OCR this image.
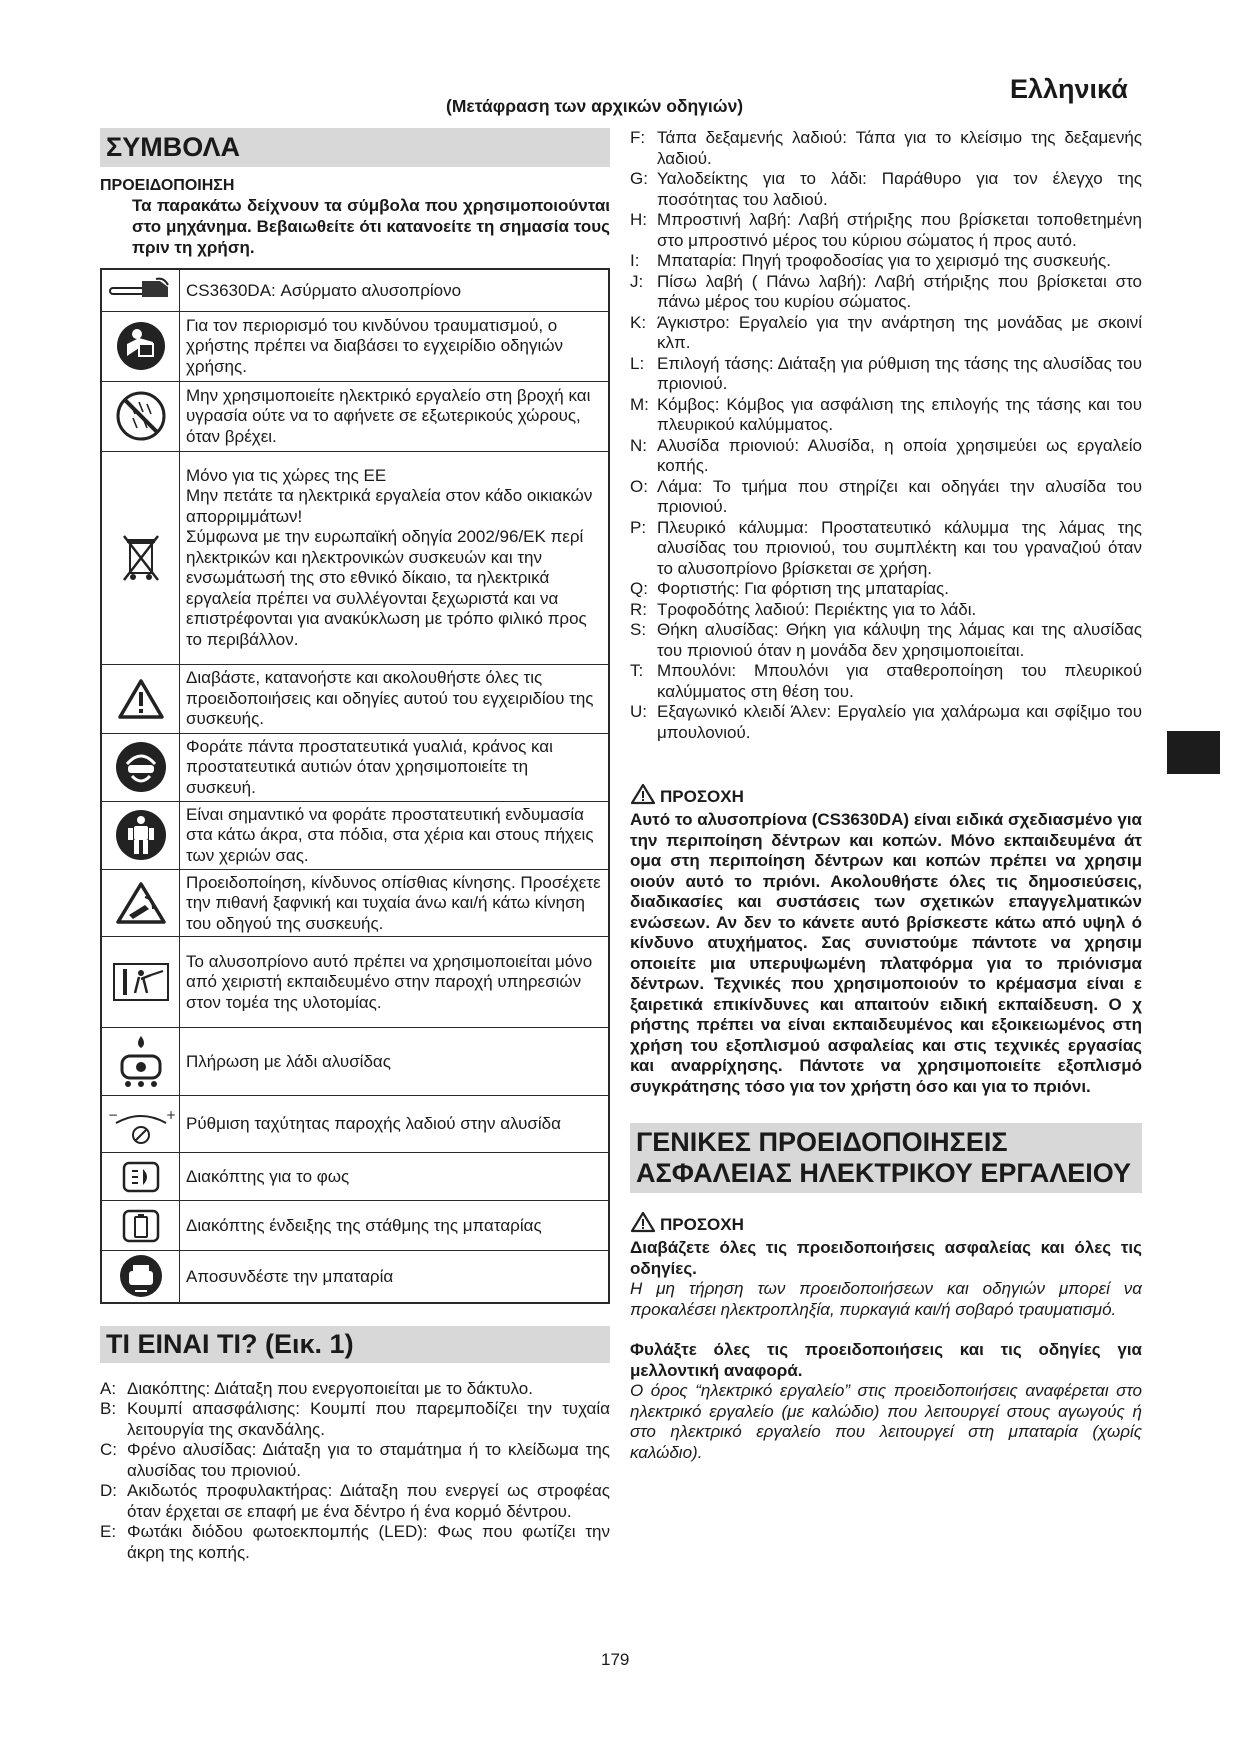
Ελληνικά
(Μετάφραση των αρχικών οδηγιών)
ΣΥΜΒΟΛΑ
ΠΡΟΕΙΔΟΠΟΙΗΣΗ
Τα παρακάτω δείχνουν τα σύμβολα που χρησιμοποιούνται στο μηχάνημα. Βεβαιωθείτε ότι κατανοείτε τη σημασία τους πριν τη χρήση.
	CS3630DA: Ασύρματο αλυσοπρίονο

	Για τον περιορισμό του κινδύνου τραυματισμού, ο χρήστης πρέπει να διαβάσει το εγχειρίδιο οδηγιών χρήσης.

	Μην χρησιμοποιείτε ηλεκτρικό εργαλείο στη βροχή και υγρασία ούτε να το αφήνετε σε εξωτερικούς χώρους, όταν βρέχει.

	Μόνο για τις χώρες της ΕΕ
Μην πετάτε τα ηλεκτρικά εργαλεία στον κάδο οικιακών απορριμμάτων!
Σύμφωνα με την ευρωπαϊκή οδηγία 2002/96/ΕΚ περί ηλεκτρικών και ηλεκτρονικών συσκευών και την ενσωμάτωσή της στο εθνικό δίκαιο, τα ηλεκτρικά εργαλεία πρέπει να συλλέγονται ξεχωριστά και να επιστρέφονται για ανακύκλωση με τρόπο φιλικό προς το περιβάλλον.

	Διαβάστε, κατανοήστε και ακολουθήστε όλες τις προειδοποιήσεις και οδηγίες αυτού του εγχειριδίου της συσκευής.

	Φοράτε πάντα προστατευτικά γυαλιά, κράνος και προστατευτικά αυτιών όταν χρησιμοποιείτε τη συσκευή.

	Είναι σημαντικό να φοράτε προστατευτική ενδυμασία στα κάτω άκρα, στα πόδια, στα χέρια και στους πήχεις των χεριών σας.

	Προειδοποίηση, κίνδυνος οπίσθιας κίνησης. Προσέχετε την πιθανή ξαφνική και τυχαία άνω και/ή κάτω κίνηση του οδηγού της συσκευής.

	Το αλυσοπρίονο αυτό πρέπει να χρησιμοποιείται μόνο από χειριστή εκπαιδευμένο στην παροχή υπηρεσιών στον τομέα της υλοτομίας.

	Πλήρωση με λάδι αλυσίδας

− +	Ρύθμιση ταχύτητας παροχής λαδιού στην αλυσίδα

	Διακόπτης για το φως

	Διακόπτης ένδειξης της στάθμης της μπαταρίας

	Αποσυνδέστε την μπαταρία
ΤΙ ΕΙΝΑΙ ΤΙ? (Εικ. 1)
A: Διακόπτης: Διάταξη που ενεργοποιείται με το δάκτυλο.
B: Κουμπί απασφάλισης: Κουμπί που παρεμποδίζει την τυχαία λειτουργία της σκανδάλης.
C: Φρένο αλυσίδας: Διάταξη για το σταμάτημα ή το κλείδωμα της αλυσίδας του πριονιού.
D: Ακιδωτός προφυλακτήρας: Διάταξη που ενεργεί ως στροφέας όταν έρχεται σε επαφή με ένα δέντρο ή ένα κορμό δέντρου.
E: Φωτάκι διόδου φωτοεκπομπής (LED): Φως που φωτίζει την άκρη της κοπής.
F: Τάπα δεξαμενής λαδιού: Τάπα για το κλείσιμο της δεξαμενής λαδιού.
G: Υαλοδείκτης για το λάδι: Παράθυρο για τον έλεγχο της ποσότητας του λαδιού.
H: Μπροστινή λαβή: Λαβή στήριξης που βρίσκεται τοποθετημένη στο μπροστινό μέρος του κύριου σώματος ή προς αυτό.
I:	Μπαταρία: Πηγή τροφοδοσίας για το χειρισμό της συσκευής.
J: Πίσω λαβή ( Πάνω λαβή): Λαβή στήριξης που βρίσκεται στο πάνω μέρος του κυρίου σώματος.
K: Άγκιστρο: Εργαλείο για την ανάρτηση της μονάδας με σκοινί κλπ.
L: Επιλογή τάσης: Διάταξη για ρύθμιση της τάσης της αλυσίδας του πριονιού.
M: Κόμβος: Κόμβος για ασφάλιση της επιλογής της τάσης και του πλευρικού καλύμματος.
N: Αλυσίδα πριονιού: Αλυσίδα, η οποία χρησιμεύει ως εργαλείο κοπής.
O: Λάμα: Το τμήμα που στηρίζει και οδηγάει την αλυσίδα του πριονιού.
P: Πλευρικό κάλυμμα: Προστατευτικό κάλυμμα της λάμας της αλυσίδας του πριονιού, του συμπλέκτη και του γραναζιού όταν το αλυσοπρίονο βρίσκεται σε χρήση.
Q: Φορτιστής: Για φόρτιση της μπαταρίας.
R: Τροφοδότης λαδιού: Περιέκτης για το λάδι.
S: Θήκη αλυσίδας: Θήκη για κάλυψη της λάμας και της αλυσίδας του πριονιού όταν η μονάδα δεν χρησιμοποιείται.
T: Μπουλόνι: Μπουλόνι για σταθεροποίηση του πλευρικού καλύμματος στη θέση του.
U: Εξαγωνικό κλειδί Άλεν: Εργαλείο για χαλάρωμα και σφίξιμο του μπουλονιού.
ΠΡΟΣΟΧΗ
Αυτό το αλυσοπρίονα (CS3630DA) είναι ειδικά σχεδιασμένο για την περιποίηση δέντρων και κοπών. Μόνο εκπαιδευμένα άτ ομα στη περιποίηση δέντρων και κοπών πρέπει να χρησιμ οιούν αυτό το πριόνι. Ακολουθήστε όλες τις δημοσιεύσεις, διαδικασίες και συστάσεις των σχετικών επαγγελματικών ενώσεων. Αν δεν το κάνετε αυτό βρίσκεστε κάτω από υψηλ ό κίνδυνο ατυχήματος. Σας συνιστούμε πάντοτε να χρησιμ οποιείτε μια υπερυψωμένη πλατφόρμα για το πριόνισμα δέντρων. Τεχνικές που χρησιμοποιούν το κρέμασμα είναι ε ξαιρετικά επικίνδυνες και απαιτούν ειδική εκπαίδευση. Ο χ ρήστης πρέπει να είναι εκπαιδευμένος και εξοικειωμένος στη χρήση του εξοπλισμού ασφαλείας και στις τεχνικές εργασίας και αναρρίχησης. Πάντοτε να χρησιμοποιείτε εξοπλισμό συγκράτησης τόσο για τον χρήστη όσο και για το πριόνι.
ΓΕΝΙΚΕΣ ΠΡΟΕΙΔΟΠΟΙΗΣΕΙΣ ΑΣΦΑΛΕΙΑΣ ΗΛΕΚΤΡΙΚΟΥ ΕΡΓΑΛΕΙΟΥ
ΠΡΟΣΟΧΗ
Διαβάζετε όλες τις προειδοποιήσεις ασφαλείας και όλες τις οδηγίες.
Η μη τήρηση των προειδοποιήσεων και οδηγιών μπορεί να προκαλέσει ηλεκτροπληξία, πυρκαγιά και/ή σοβαρό τραυματισμό.
Φυλάξτε όλες τις προειδοποιήσεις και τις οδηγίες για μελλοντική αναφορά.
Ο όρος “ηλεκτρικό εργαλείο” στις προειδοποιήσεις αναφέρεται στο ηλεκτρικό εργαλείο (με καλώδιο) που λειτουργεί στους αγωγούς ή στο ηλεκτρικό εργαλείο που λειτουργεί στη μπαταρία (χωρίς καλώδιο).
179
